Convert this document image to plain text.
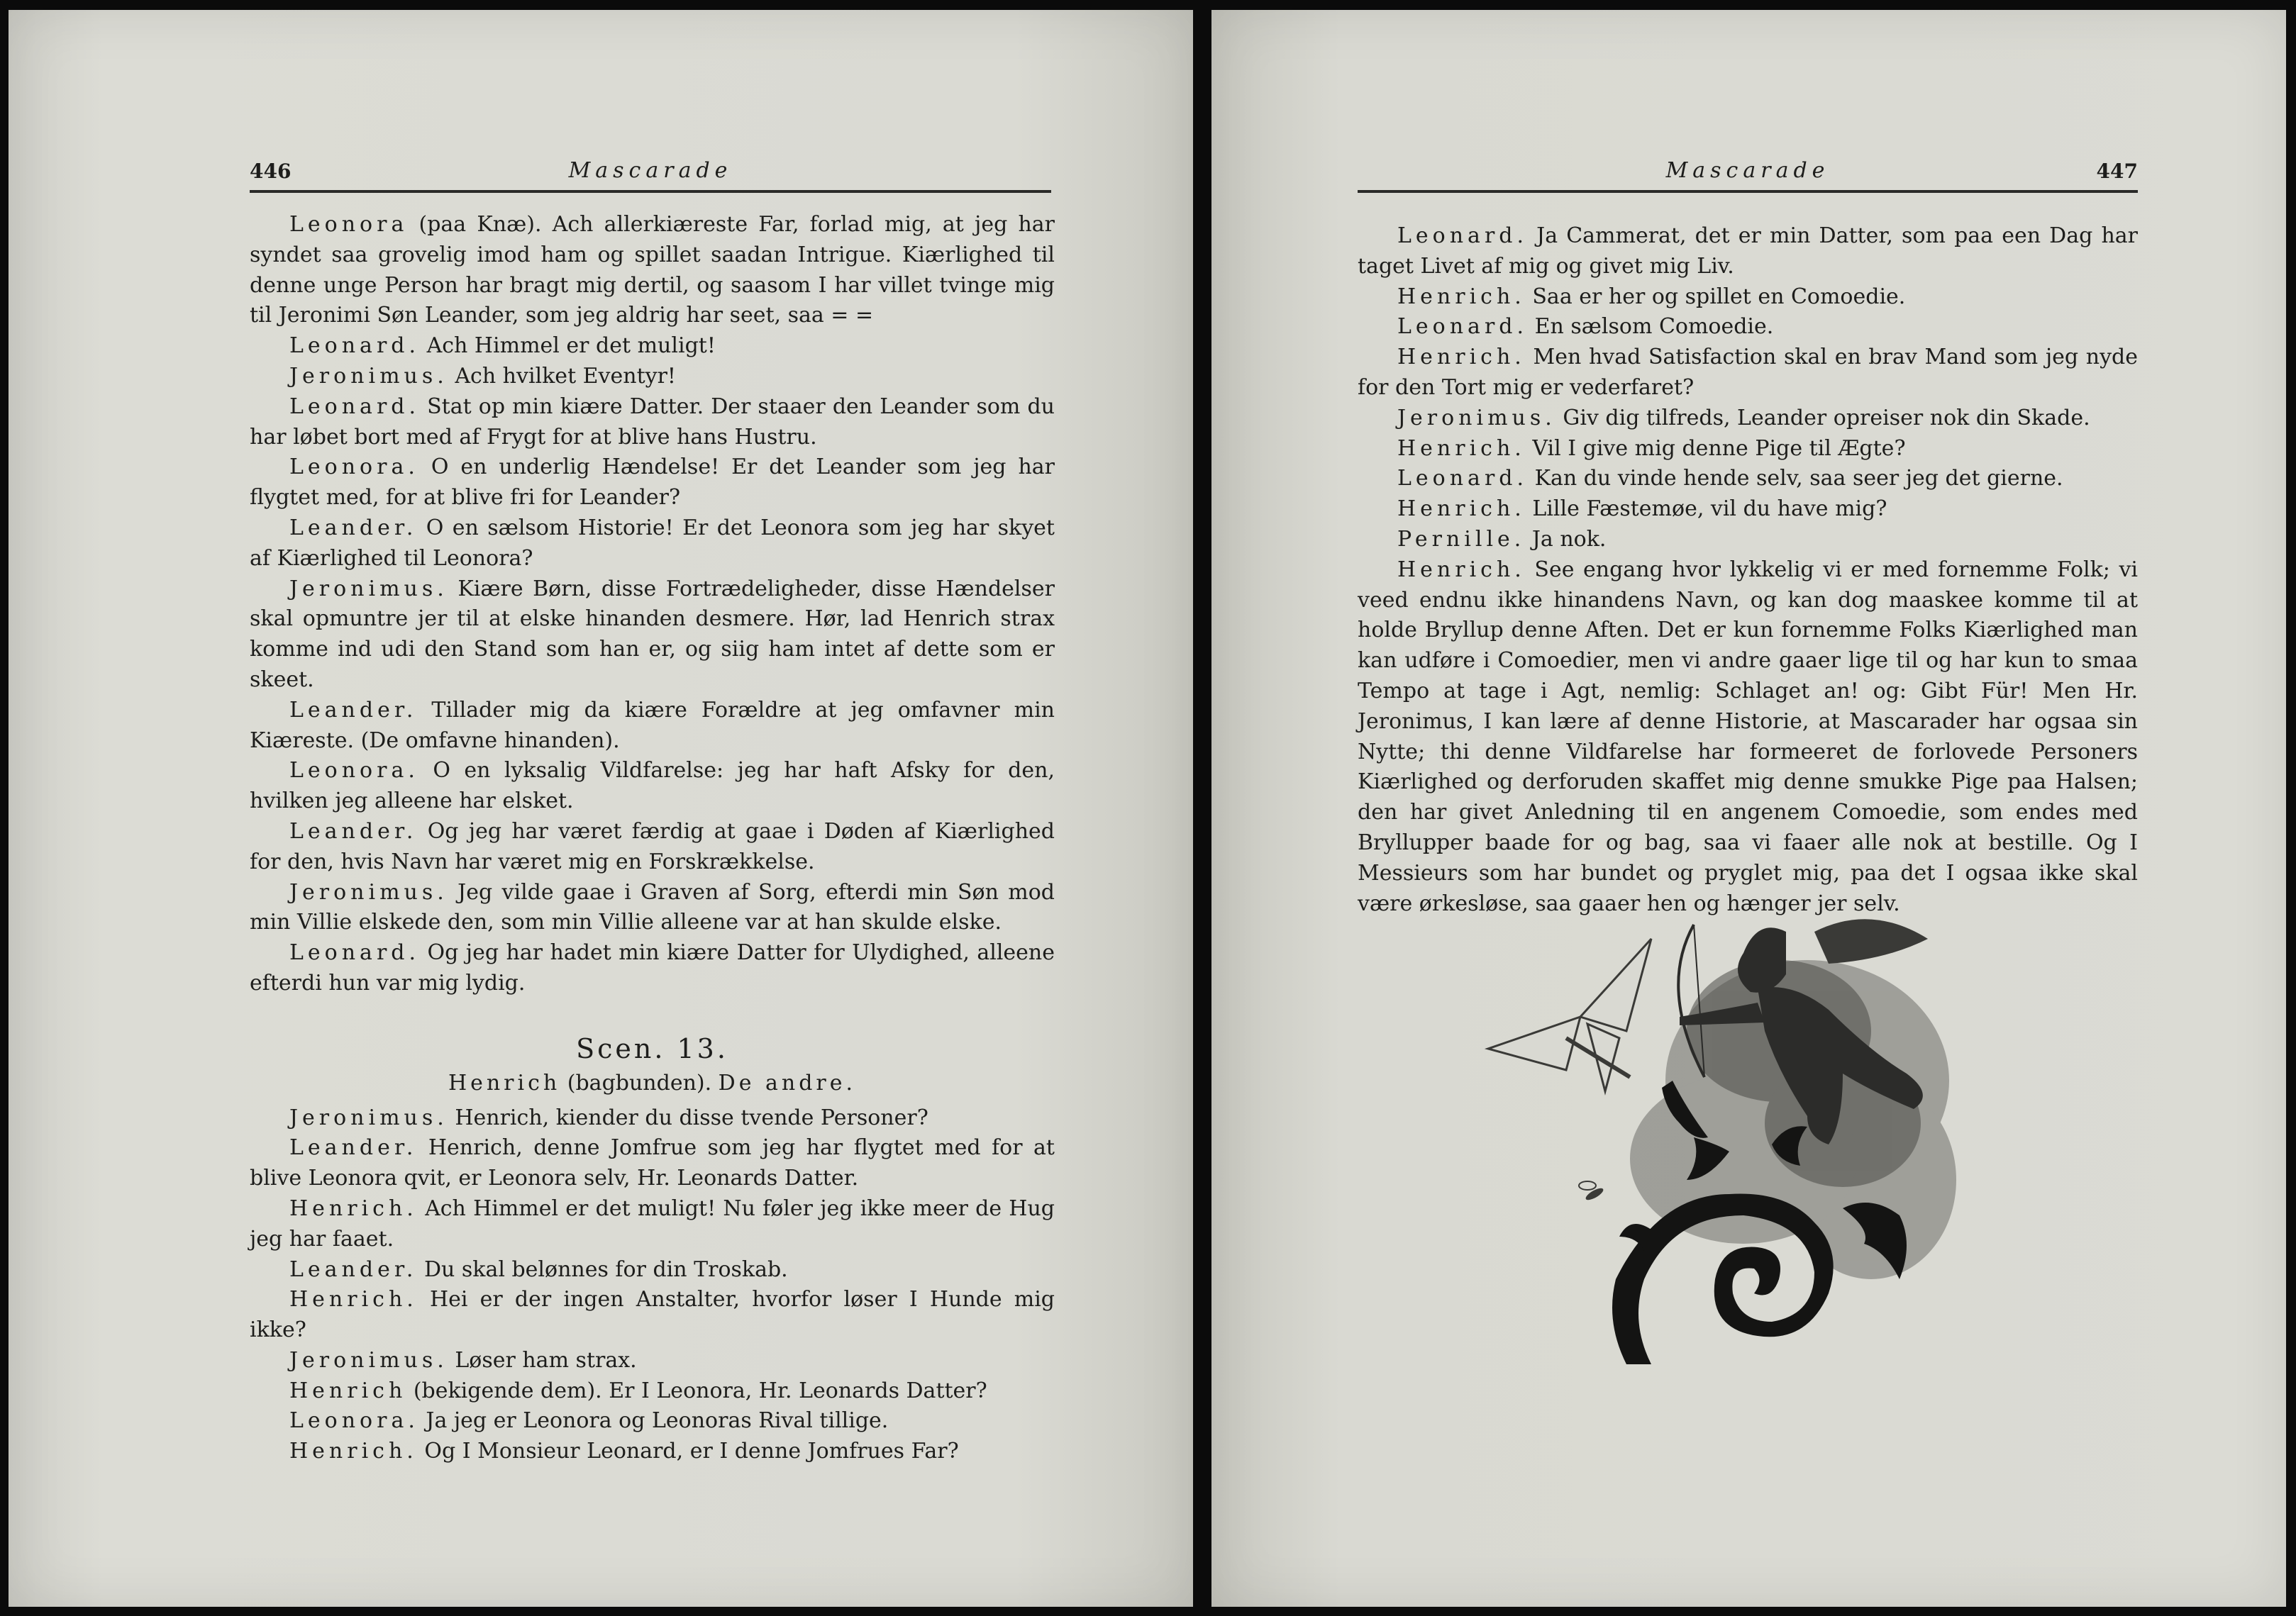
446	Mascarade

Leonora (paa Knæ). Ach allerkiæreste Far, forlad mig, at jeg har syndet saa grovelig imod ham og spillet saadan Intrigue. Kiærlighed til denne unge Person har bragt mig dertil, og saasom I har villet tvinge mig til Jeronimi Søn Leander, som jeg aldrig har seet, saa = =

Leonard. Ach Himmel er det muligt!

Jeronimus. Ach hvilket Eventyr!

Leonard. Stat op min kiære Datter. Der staaer den Leander som du har løbet bort med af Frygt for at blive hans Hustru.

Leonora. O en underlig Hændelse! Er det Leander som jeg har flygtet med, for at blive fri for Leander?

Leander. O en sælsom Historie! Er det Leonora som jeg har skyet af Kiærlighed til Leonora?

Jeronimus. Kiære Børn, disse Fortrædeligheder, disse Hændelser skal opmuntre jer til at elske hinanden desmere. Hør, lad Henrich strax komme ind udi den Stand som han er, og siig ham intet af dette som er skeet.

Leander. Tillader mig da kiære Forældre at jeg omfavner min Kiæreste. (De omfavne hinanden).

Leonora. O en lyksalig Vildfarelse: jeg har haft Afsky for den, hvilken jeg alleene har elsket.

Leander. Og jeg har været færdig at gaae i Døden af Kiærlighed for den, hvis Navn har været mig en Forskrækkelse.

Jeronimus. Jeg vilde gaae i Graven af Sorg, efterdi min Søn mod min Villie elskede den, som min Villie alleene var at han skulde elske.

Leonard. Og jeg har hadet min kiære Datter for Ulydighed, alleene efterdi hun var mig lydig.

Scen. 13.
Henrich (bagbunden). De andre.

Jeronimus. Henrich, kiender du disse tvende Personer?

Leander. Henrich, denne Jomfrue som jeg har flygtet med for at blive Leonora qvit, er Leonora selv, Hr. Leonards Datter.

Henrich. Ach Himmel er det muligt! Nu føler jeg ikke meer de Hug jeg har faaet.

Leander. Du skal belønnes for din Troskab.

Henrich. Hei er der ingen Anstalter, hvorfor løser I Hunde mig ikke?

Jeronimus. Løser ham strax.

Henrich (bekigende dem). Er I Leonora, Hr. Leonards Datter?

Leonora. Ja jeg er Leonora og Leonoras Rival tillige.

Henrich. Og I Monsieur Leonard, er I denne Jomfrues Far?

Mascarade	447

Leonard. Ja Cammerat, det er min Datter, som paa een Dag har taget Livet af mig og givet mig Liv.

Henrich. Saa er her og spillet en Comoedie.

Leonard. En sælsom Comoedie.

Henrich. Men hvad Satisfaction skal en brav Mand som jeg nyde for den Tort mig er vederfaret?

Jeronimus. Giv dig tilfreds, Leander opreiser nok din Skade.

Henrich. Vil I give mig denne Pige til Ægte?

Leonard. Kan du vinde hende selv, saa seer jeg det gierne.

Henrich. Lille Fæstemøe, vil du have mig?

Pernille. Ja nok.

Henrich. See engang hvor lykkelig vi er med fornemme Folk; vi veed endnu ikke hinandens Navn, og kan dog maaskee komme til at holde Bryllup denne Aften. Det er kun fornemme Folks Kiærlighed man kan udføre i Comoedier, men vi andre gaaer lige til og har kun to smaa Tempo at tage i Agt, nemlig: Schlaget an! og: Gibt Für! Men Hr. Jeronimus, I kan lære af denne Historie, at Mascarader har ogsaa sin Nytte; thi denne Vildfarelse har formeeret de forlovede Personers Kiærlighed og derforuden skaffet mig denne smukke Pige paa Halsen; den har givet Anledning til en angenem Comoedie, som endes med Bryllupper baade for og bag, saa vi faaer alle nok at bestille. Og I Messieurs som har bundet og pryglet mig, paa det I ogsaa ikke skal være ørkesløse, saa gaaer hen og hænger jer selv.
